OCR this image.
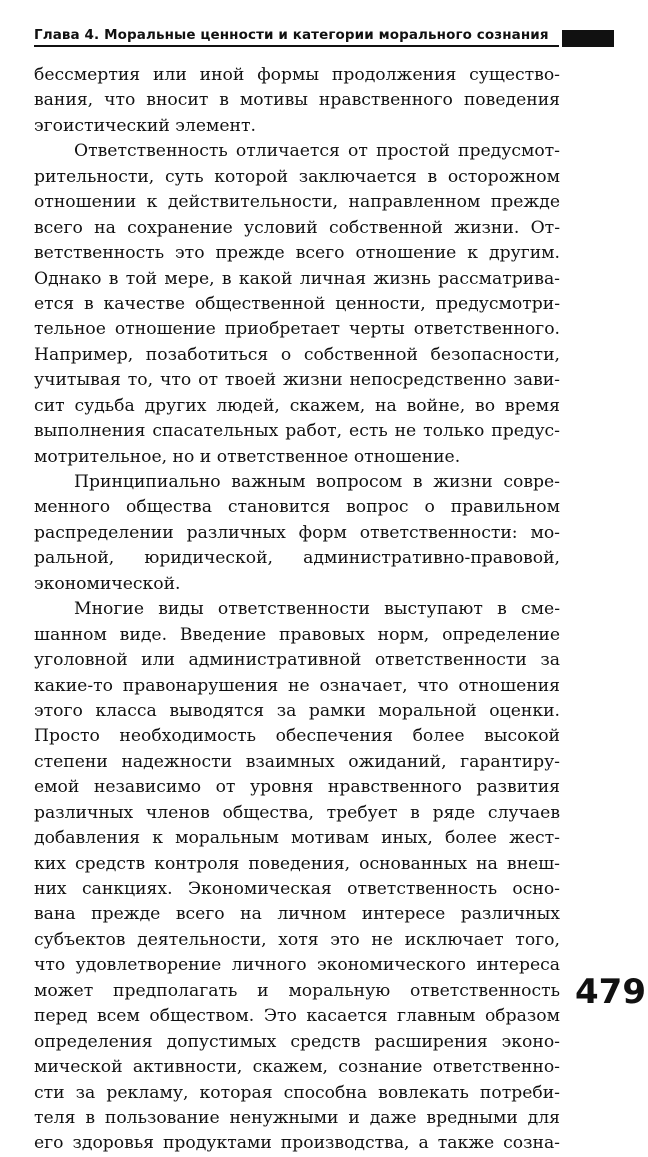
Глава 4. Моральные ценности и категории морального сознания
бессмертия или иной формы продолжения существо-
вания, что вносит в мотивы нравственного поведения
эгоистический элемент.
Ответственность отличается от простой предусмот-
рительности, суть которой заключается в осторожном
отношении к действительности, направленном прежде
всего на сохранение условий собственной жизни. От-
ветственность это прежде всего отношение к другим.
Однако в той мере, в какой личная жизнь рассматрива-
ется в качестве общественной ценности, предусмотри-
тельное отношение приобретает черты ответственного.
Например, позаботиться о собственной безопасности,
учитывая то, что от твоей жизни непосредственно зави-
сит судьба других людей, скажем, на войне, во время
выполнения спасательных работ, есть не только предус-
мотрительное, но и ответственное отношение.
Принципиально важным вопросом в жизни совре-
менного общества становится вопрос о правильном
распределении различных форм ответственности: мо-
ральной, юридической, административно-правовой,
экономической.
Многие виды ответственности выступают в сме-
шанном виде. Введение правовых норм, определение
уголовной или административной ответственности за
какие-то правонарушения не означает, что отношения
этого класса выводятся за рамки моральной оценки.
Просто необходимость обеспечения более высокой
степени надежности взаимных ожиданий, гарантиру-
емой независимо от уровня нравственного развития
различных членов общества, требует в ряде случаев
добавления к моральным мотивам иных, более жест-
ких средств контроля поведения, основанных на внеш-
них санкциях. Экономическая ответственность осно-
вана прежде всего на личном интересе различных
субъектов деятельности, хотя это не исключает того,
что удовлетворение личного экономического интереса
может предполагать и моральную ответственность
перед всем обществом. Это касается главным образом
определения допустимых средств расширения эконо-
мической активности, скажем, сознание ответственно-
сти за рекламу, которая способна вовлекать потреби-
теля в пользование ненужными и даже вредными для
его здоровья продуктами производства, а также созна-
479
